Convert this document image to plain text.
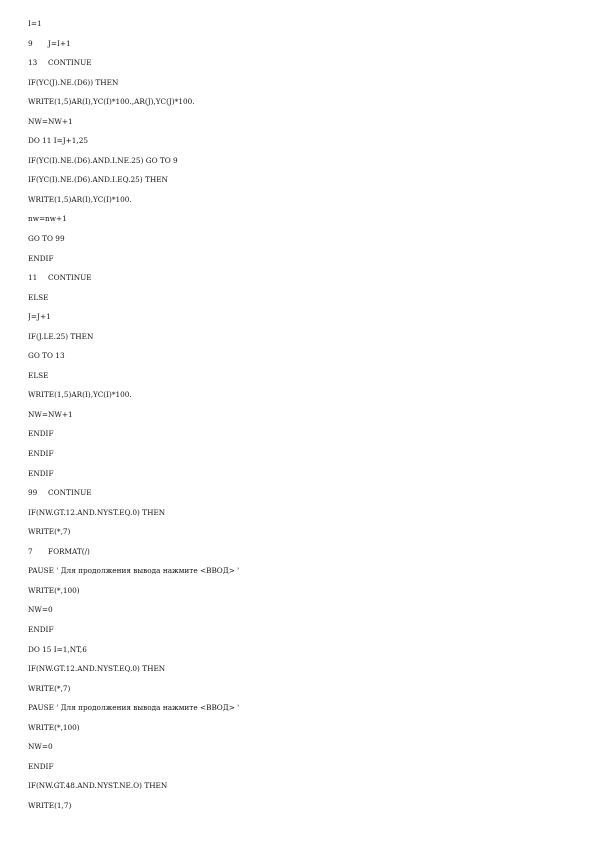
I=1
9 J=I+1
13 CONTINUE
IF(YC(J).NE.(D6)) THEN
WRITE(1,5)AR(I),YC(I)*100.,AR(J),YC(J)*100.
NW=NW+1
DO 11 I=J+1,25
IF(YC(I).NE.(D6).AND.I.NE.25) GO TO 9
IF(YC(I).NE.(D6).AND.I.EQ.25) THEN
WRITE(1,5)AR(I),YC(I)*100.
nw=nw+1
GO TO 99
ENDIF
11 CONTINUE
ELSE
J=J+1
IF(J.LE.25) THEN
GO TO 13
ELSE
WRITE(1,5)AR(I),YC(I)*100.
NW=NW+1
ENDIF
ENDIF
ENDIF
99 CONTINUE
IF(NW.GT.12.AND.NYST.EQ.0) THEN
WRITE(*,7)
7 FORMAT(/)
PAUSE ' Для продолжения вывода нажмите <ВВОД> '
WRITE(*,100)
NW=0
ENDIF
DO 15 I=1,NT,6
IF(NW.GT.12.AND.NYST.EQ.0) THEN
WRITE(*,7)
PAUSE ' Для продолжения вывода нажмите <ВВОД> '
WRITE(*,100)
NW=0
ENDIF
IF(NW.GT.48.AND.NYST.NE.O) THEN
WRITE(1,7)
